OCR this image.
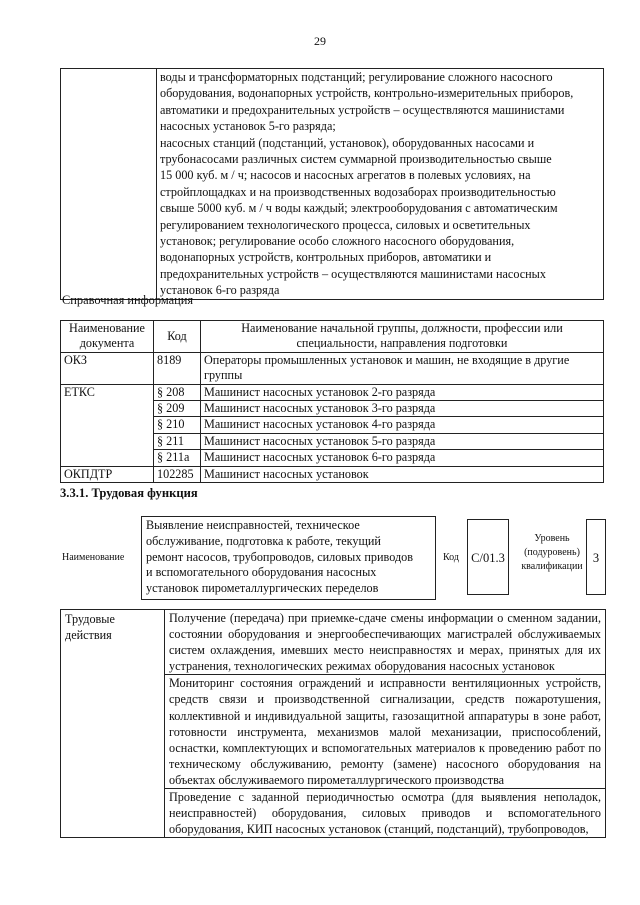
29

воды и трансформаторных подстанций; регулирование сложного насосного
оборудования, водонапорных устройств, контрольно-измерительных приборов,
автоматики и предохранительных устройств – осуществляются машинистами
насосных установок 5-го разряда;
насосных станций (подстанций, установок), оборудованных насосами и
трубонасосами различных систем суммарной производительностью свыше
15 000 куб. м / ч; насосов и насосных агрегатов в полевых условиях, на
стройплощадках и на производственных водозаборах производительностью
свыше 5000 куб. м / ч воды каждый; электрооборудования с автоматическим
регулированием технологического процесса, силовых и осветительных
установок; регулирование особо сложного насосного оборудования,
водонапорных устройств, контрольных приборов, автоматики и
предохранительных устройств – осуществляются машинистами насосных
установок 6-го разряда
Справочная информация
Наименование документа	Код	Наименование начальной группы, должности, профессии или специальности, направления подготовки
ОКЗ	8189	Операторы промышленных установок и машин, не входящие в другие группы
ЕТКС	§ 208	Машинист насосных установок 2-го разряда
	§ 209	Машинист насосных установок 3-го разряда
	§ 210	Машинист насосных установок 4-го разряда
	§ 211	Машинист насосных установок 5-го разряда
	§ 211a	Машинист насосных установок 6-го разряда
ОКПДТР	102285	Машинист насосных установок
3.3.1. Трудовая функция
Наименование
Выявление неисправностей, техническое
обслуживание, подготовка к работе, текущий
ремонт насосов, трубопроводов, силовых приводов
и вспомогательного оборудования насосных
установок пирометаллургических переделов
Код C/01.3
Уровень
(подуровень)
квалификации
3
Трудовые
действия
	Получение (передача) при приемке-сдаче смены информации о сменном задании, состоянии оборудования и энергообеспечивающих магистралей обслуживаемых систем охлаждения, имевших место неисправностях и мерах, принятых для их устранения, технологических режимах оборудования насосных установок
Мониторинг состояния ограждений и исправности вентиляционных устройств, средств связи и производственной сигнализации, средств пожаротушения, коллективной и индивидуальной защиты, газозащитной аппаратуры в зоне работ, готовности инструмента, механизмов малой механизации, приспособлений, оснастки, комплектующих и вспомогательных материалов к проведению работ по техническому обслуживанию, ремонту (замене) насосного оборудования на объектах обслуживаемого пирометаллургического производства
Проведение с заданной периодичностью осмотра (для выявления неполадок, неисправностей) оборудования, силовых приводов и вспомогательного оборудования, КИП насосных установок (станций, подстанций), трубопроводов,
